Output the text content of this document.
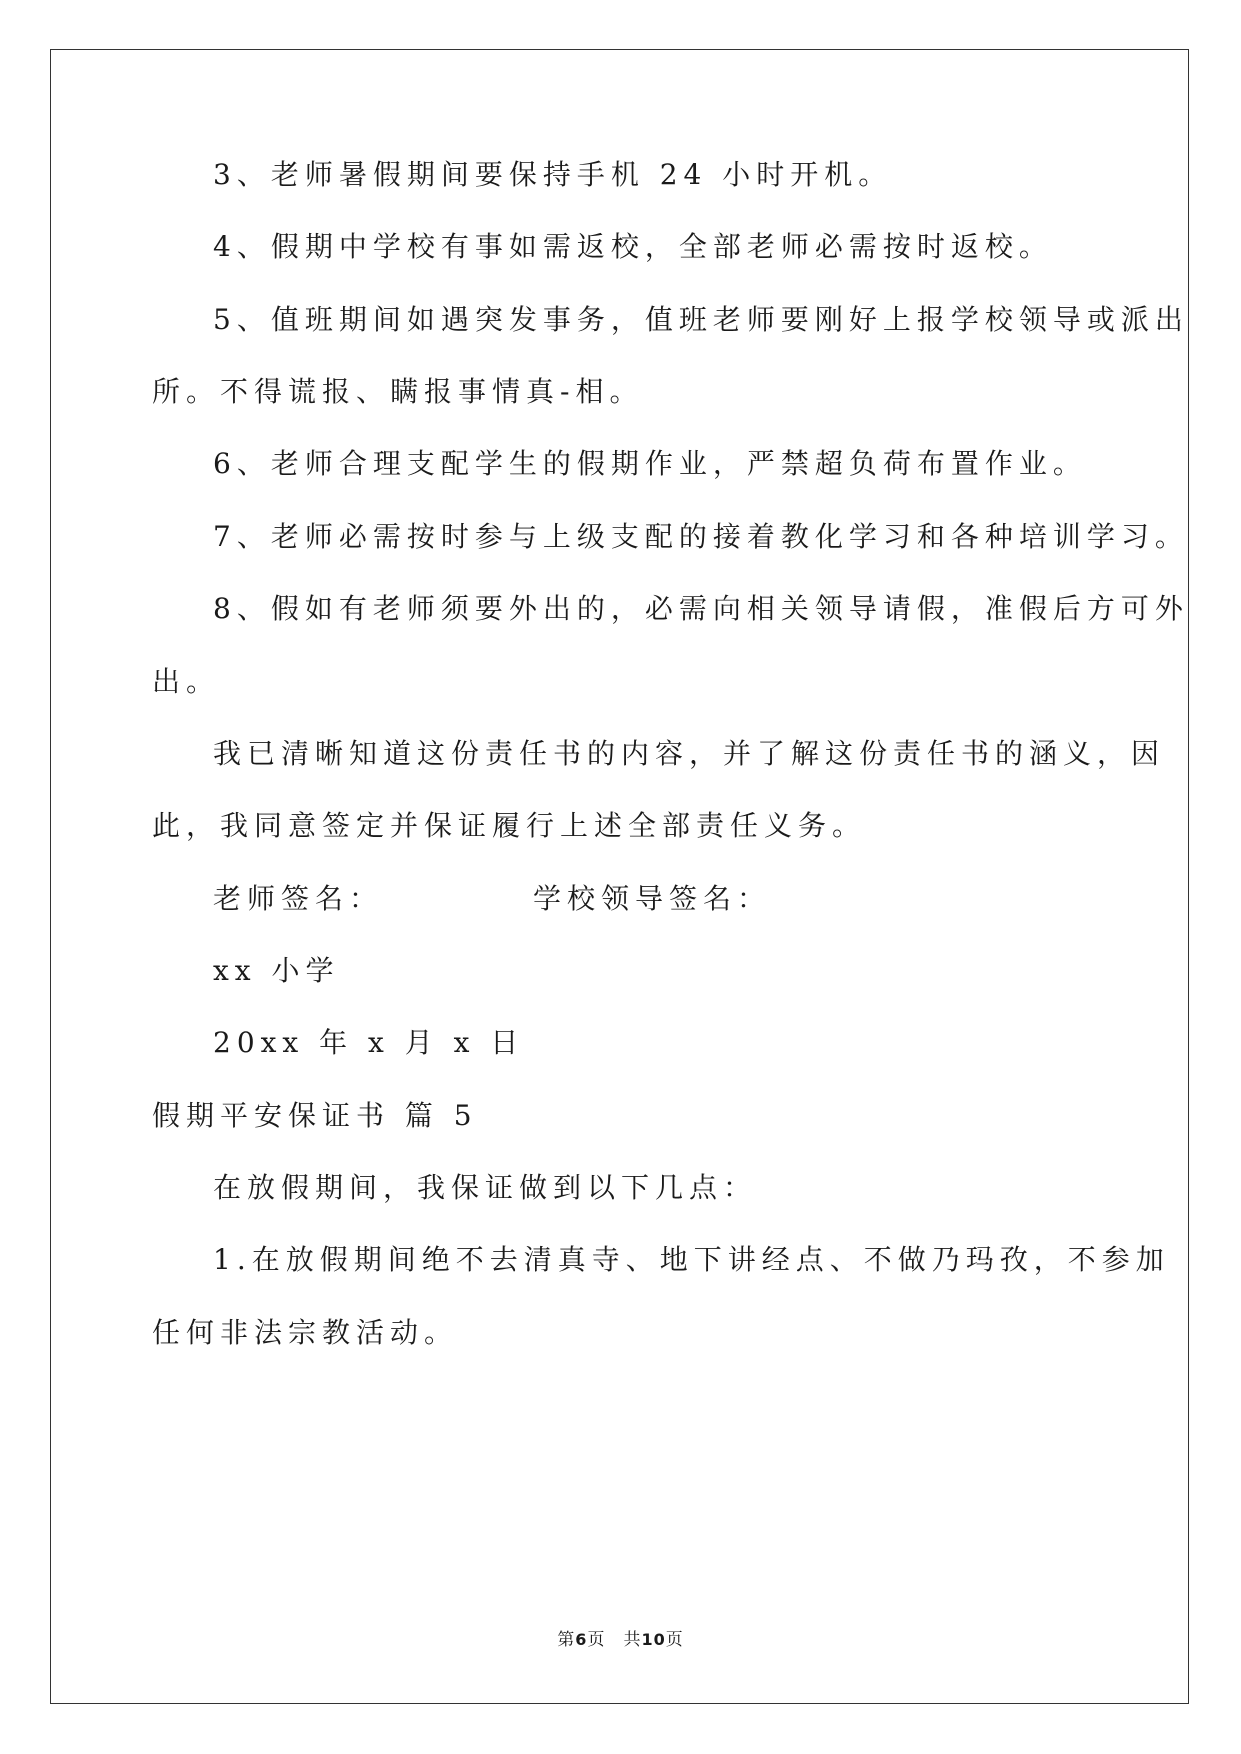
3、老师暑假期间要保持手机 24 小时开机。
4、假期中学校有事如需返校，全部老师必需按时返校。
5、值班期间如遇突发事务，值班老师要刚好上报学校领导或派出
所。不得谎报、瞒报事情真-相。
6、老师合理支配学生的假期作业，严禁超负荷布置作业。
7、老师必需按时参与上级支配的接着教化学习和各种培训学习。
8、假如有老师须要外出的，必需向相关领导请假，准假后方可外
出。
我已清晰知道这份责任书的内容，并了解这份责任书的涵义，因
此，我同意签定并保证履行上述全部责任义务。
老师签名：	学校领导签名：
xx 小学
20xx 年 x 月 x 日
假期平安保证书 篇 5
在放假期间，我保证做到以下几点：
1.在放假期间绝不去清真寺、地下讲经点、不做乃玛孜，不参加
任何非法宗教活动。
第6页 共10页
